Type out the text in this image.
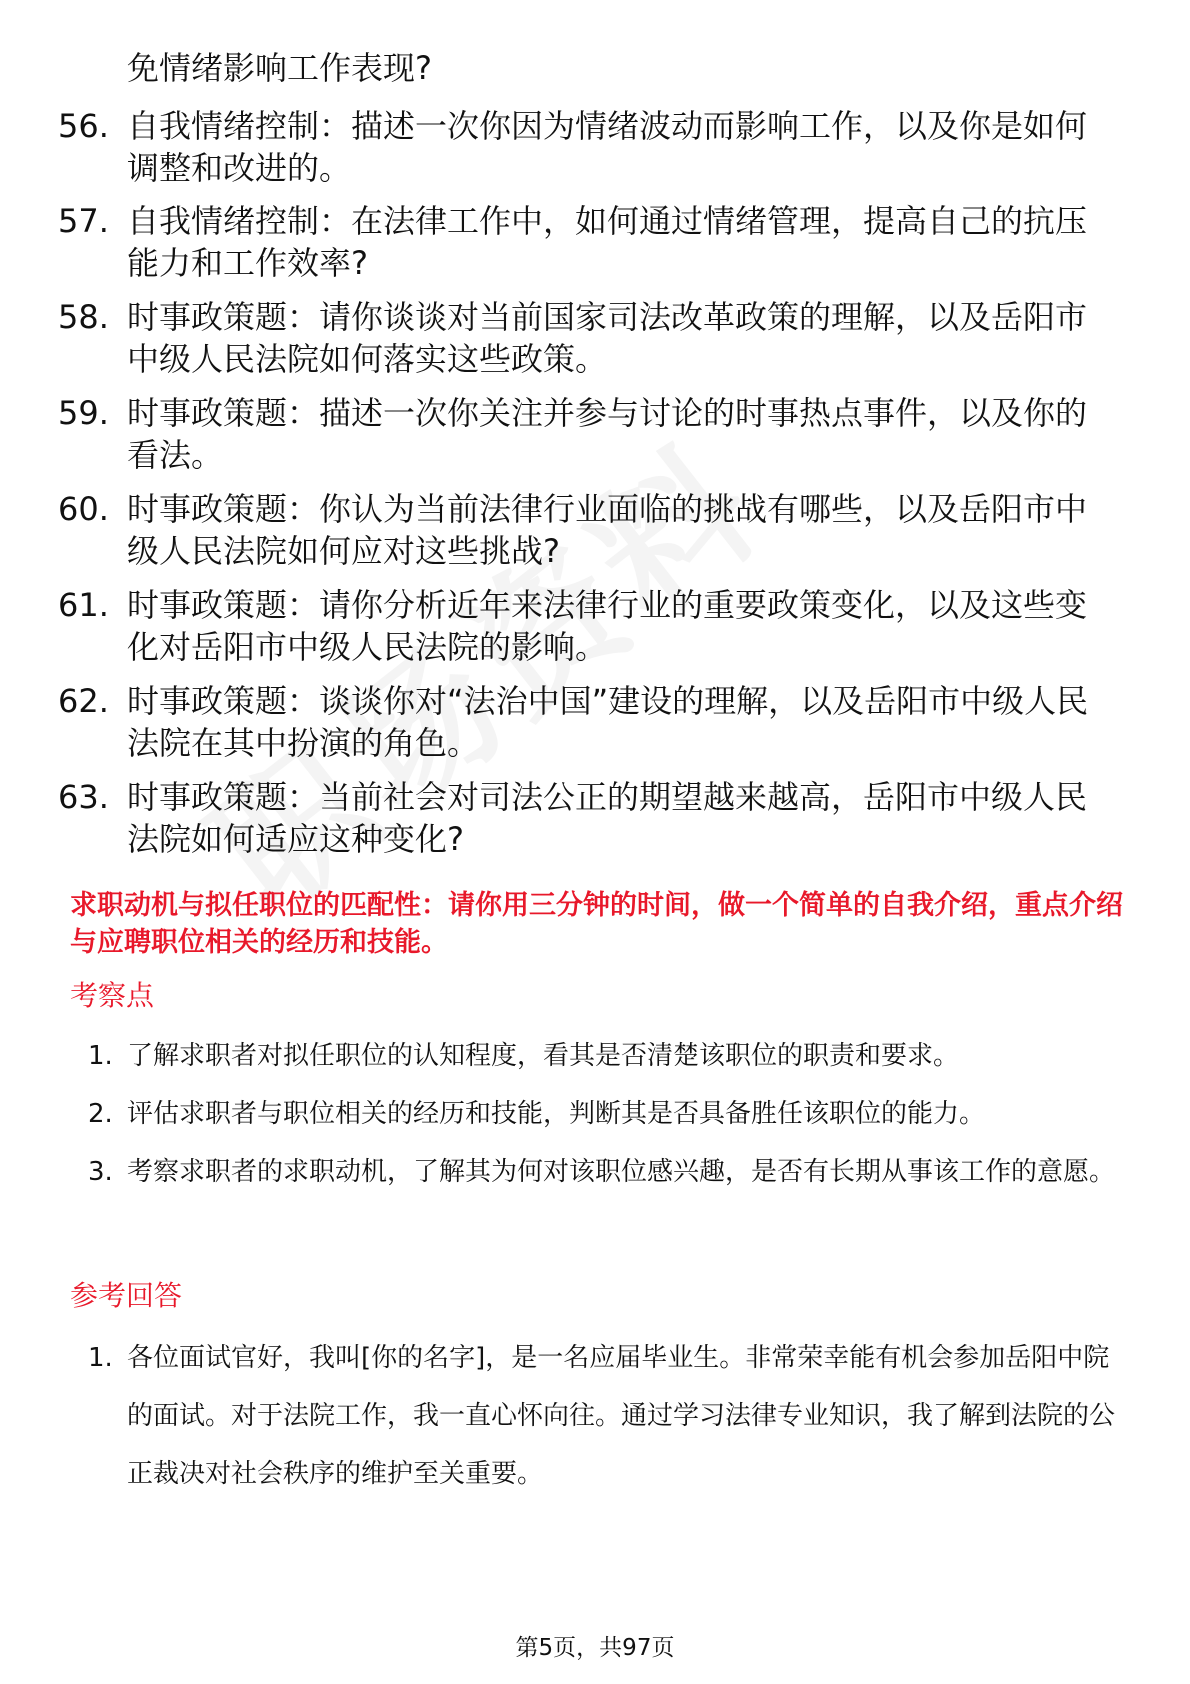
免情绪影响工作表现?
56. 自我情绪控制：描述一次你因为情绪波动而影响工作，以及你是如何调整和改进的。
57. 自我情绪控制：在法律工作中，如何通过情绪管理，提高自己的抗压能力和工作效率?
58. 时事政策题：请你谈谈对当前国家司法改革政策的理解，以及岳阳市中级人民法院如何落实这些政策。
59. 时事政策题：描述一次你关注并参与讨论的时事热点事件，以及你的看法。
60. 时事政策题：你认为当前法律行业面临的挑战有哪些，以及岳阳市中级人民法院如何应对这些挑战?
61. 时事政策题：请你分析近年来法律行业的重要政策变化，以及这些变化对岳阳市中级人民法院的影响。
62. 时事政策题：谈谈你对“法治中国”建设的理解，以及岳阳市中级人民法院在其中扮演的角色。
63. 时事政策题：当前社会对司法公正的期望越来越高，岳阳市中级人民法院如何适应这种变化?
求职动机与拟任职位的匹配性：请你用三分钟的时间，做一个简单的自我介绍，重点介绍与应聘职位相关的经历和技能。
考察点
1. 了解求职者对拟任职位的认知程度，看其是否清楚该职位的职责和要求。
2. 评估求职者与职位相关的经历和技能，判断其是否具备胜任该职位的能力。
3. 考察求职者的求职动机，了解其为何对该职位感兴趣，是否有长期从事该工作的意愿。
参考回答
1. 各位面试官好，我叫[你的名字]，是一名应届毕业生。非常荣幸能有机会参加岳阳中院的面试。对于法院工作，我一直心怀向往。通过学习法律专业知识，我了解到法院的公正裁决对社会秩序的维护至关重要。
第5页，共97页
